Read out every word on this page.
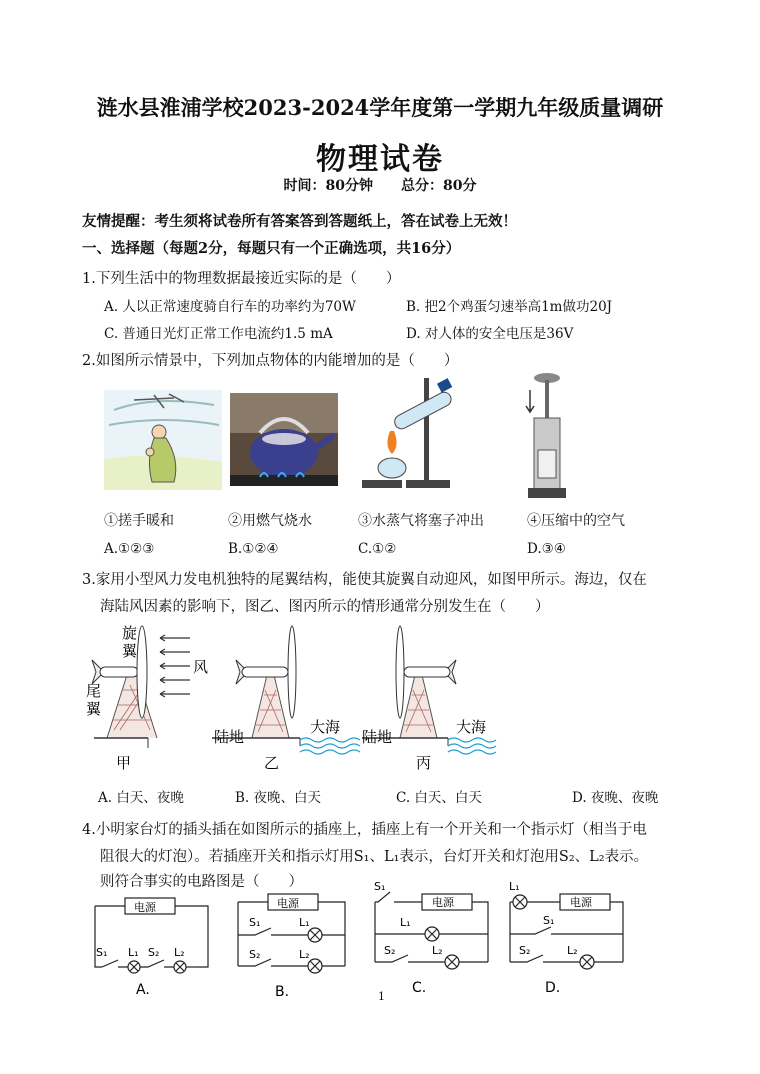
涟水县淮浦学校2023-2024学年度第一学期九年级质量调研
物理试卷
时间：80分钟　　总分：80分
友情提醒：考生须将试卷所有答案答到答题纸上，答在试卷上无效！
一、选择题（每题2分，每题只有一个正确选项，共16分）
1.下列生活中的物理数据最接近实际的是（　　）
A. 人以正常速度骑自行车的功率约为70W	B. 把2个鸡蛋匀速举高1m做功20J
C. 普通日光灯正常工作电流约1.5 mA	D. 对人体的安全电压是36V
2.如图所示情景中，下列加点物体的内能增加的是（　　）
①搓手暖和	②用燃气烧水	③水蒸气将塞子冲出	④压缩中的空气
A.①②③	B.①②④	C.①②	D.③④
3.家用小型风力发电机独特的尾翼结构，能使其旋翼自动迎风，如图甲所示。海边，仅在
海陆风因素的影响下，图乙、图丙所示的情形通常分别发生在（　　）
旋
翼
尾
翼
风
甲
陆地
大海
乙
陆地
大海
丙
A. 白天、夜晚	B. 夜晚、白天	C. 白天、白天	D. 夜晚、夜晚
4.小明家台灯的插头插在如图所示的插座上，插座上有一个开关和一个指示灯（相当于电
阻很大的灯泡）。若插座开关和指示灯用S₁、L₁表示，台灯开关和灯泡用S₂、L₂表示。
则符合事实的电路图是（　　）
电源
S₁ L₁ S₂ L₂
A.
电源
S₁	L₁
S₂	L₂
B.
S₁
电源
L₁
S₂	L₂
C.
L₁
电源
S₁
S₂	L₂
D.
1
